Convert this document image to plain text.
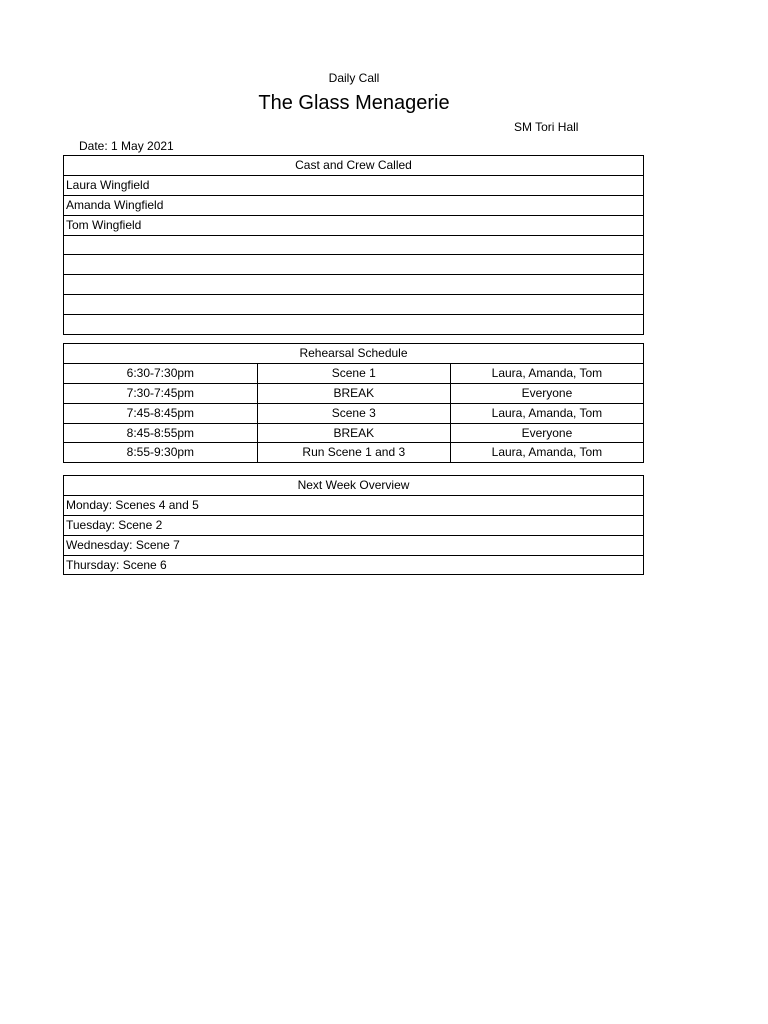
Daily Call
The Glass Menagerie
SM Tori Hall
Date: 1 May 2021
Cast and Crew Called
Laura Wingfield
Amanda Wingfield
Tom Wingfield

Rehearsal Schedule		
6:30-7:30pm	Scene 1	Laura, Amanda, Tom
7:30-7:45pm	BREAK	Everyone
7:45-8:45pm	Scene 3	Laura, Amanda, Tom
8:45-8:55pm	BREAK	Everyone
8:55-9:30pm	Run Scene 1 and 3	Laura, Amanda, Tom
Next Week Overview
Monday: Scenes 4 and 5
Tuesday: Scene 2
Wednesday: Scene 7
Thursday: Scene 6
